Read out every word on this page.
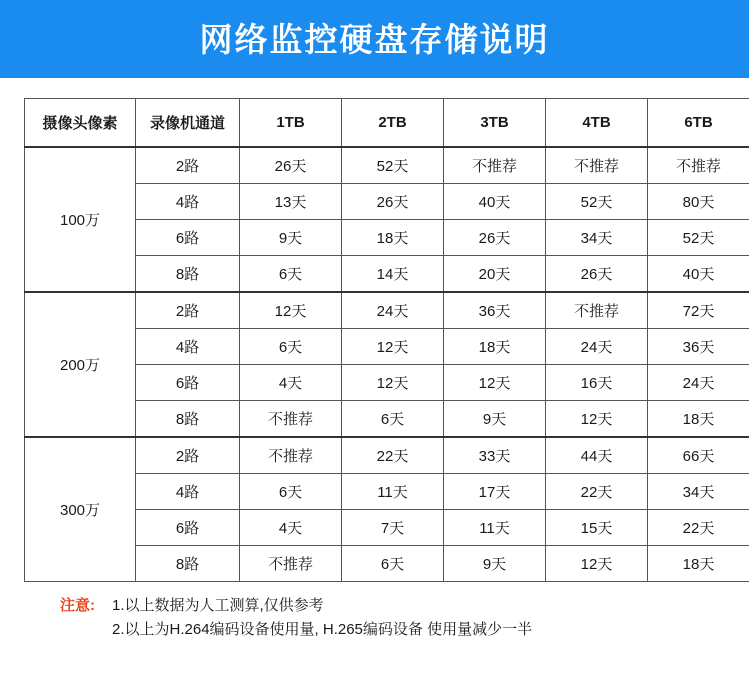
网络监控硬盘存储说明
摄像头像素	录像机通道	1TB	2TB	3TB	4TB	6TB
100万	2路	26天	52天	不推荐	不推荐	不推荐
	4路	13天	26天	40天	52天	80天
	6路	9天	18天	26天	34天	52天
	8路	6天	14天	20天	26天	40天
200万	2路	12天	24天	36天	不推荐	72天
	4路	6天	12天	18天	24天	36天
	6路	4天	12天	12天	16天	24天
	8路	不推荐	6天	9天	12天	18天
300万	2路	不推荐	22天	33天	44天	66天
	4路	6天	11天	17天	22天	34天
	6路	4天	7天	11天	15天	22天
	8路	不推荐	6天	9天	12天	18天
注意:	1.以上数据为人工测算,仅供参考
2.以上为H.264编码设备使用量, H.265编码设备 使用量减少一半
